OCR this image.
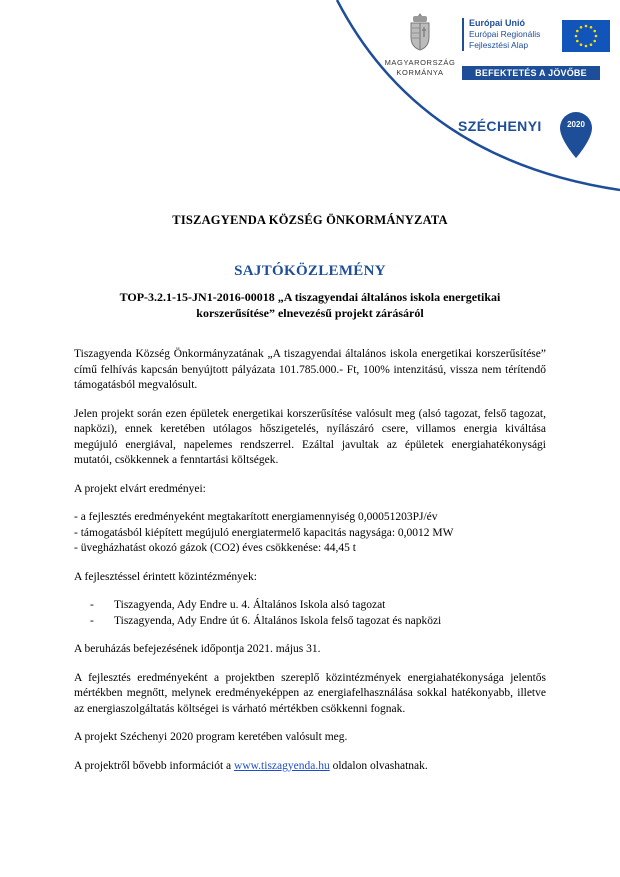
MAGYARORSZÁG
KORMÁNYA
Európai Unió
Európai Regionális
Fejlesztési Alap
BEFEKTETÉS A JÖVŐBE
SZÉCHENYI	2020
TISZAGYENDA KÖZSÉG ÖNKORMÁNYZATA
SAJTÓKÖZLEMÉNY
TOP-3.2.1-15-JN1-2016-00018 „A tiszagyendai általános iskola energetikai
korszerűsítése” elnevezésű projekt zárásáról

Tiszagyenda Község Önkormányzatának „A tiszagyendai általános iskola energetikai korszerűsítése” című felhívás kapcsán benyújtott pályázata 101.785.000.- Ft, 100% intenzitású, vissza nem térítendő támogatásból megvalósult.

Jelen projekt során ezen épületek energetikai korszerűsítése valósult meg (alsó tagozat, felső tagozat, napközi), ennek keretében utólagos hőszigetelés, nyílászáró csere, villamos energia kiváltása megújuló energiával, napelemes rendszerrel. Ezáltal javultak az épületek energiahatékonysági mutatói, csökkennek a fenntartási költségek.

A projekt elvárt eredményei:

- a fejlesztés eredményeként megtakarított energiamennyiség 0,00051203PJ/év
- támogatásból kiépített megújuló energiatermelő kapacitás nagysága: 0,0012 MW
- üvegházhatást okozó gázok (CO2) éves csökkenése: 44,45 t

A fejlesztéssel érintett közintézmények:

- Tiszagyenda, Ady Endre u. 4. Általános Iskola alsó tagozat
- Tiszagyenda, Ady Endre út 6. Általános Iskola felső tagozat és napközi

A beruházás befejezésének időpontja 2021. május 31.

A fejlesztés eredményeként a projektben szereplő közintézmények energiahatékonysága jelentős mértékben megnőtt, melynek eredményeképpen az energiafelhasználása sokkal hatékonyabb, illetve az energiaszolgáltatás költségei is várható mértékben csökkenni fognak.

A projekt Széchenyi 2020 program keretében valósult meg.

A projektről bővebb információt a www.tiszagyenda.hu oldalon olvashatnak.
